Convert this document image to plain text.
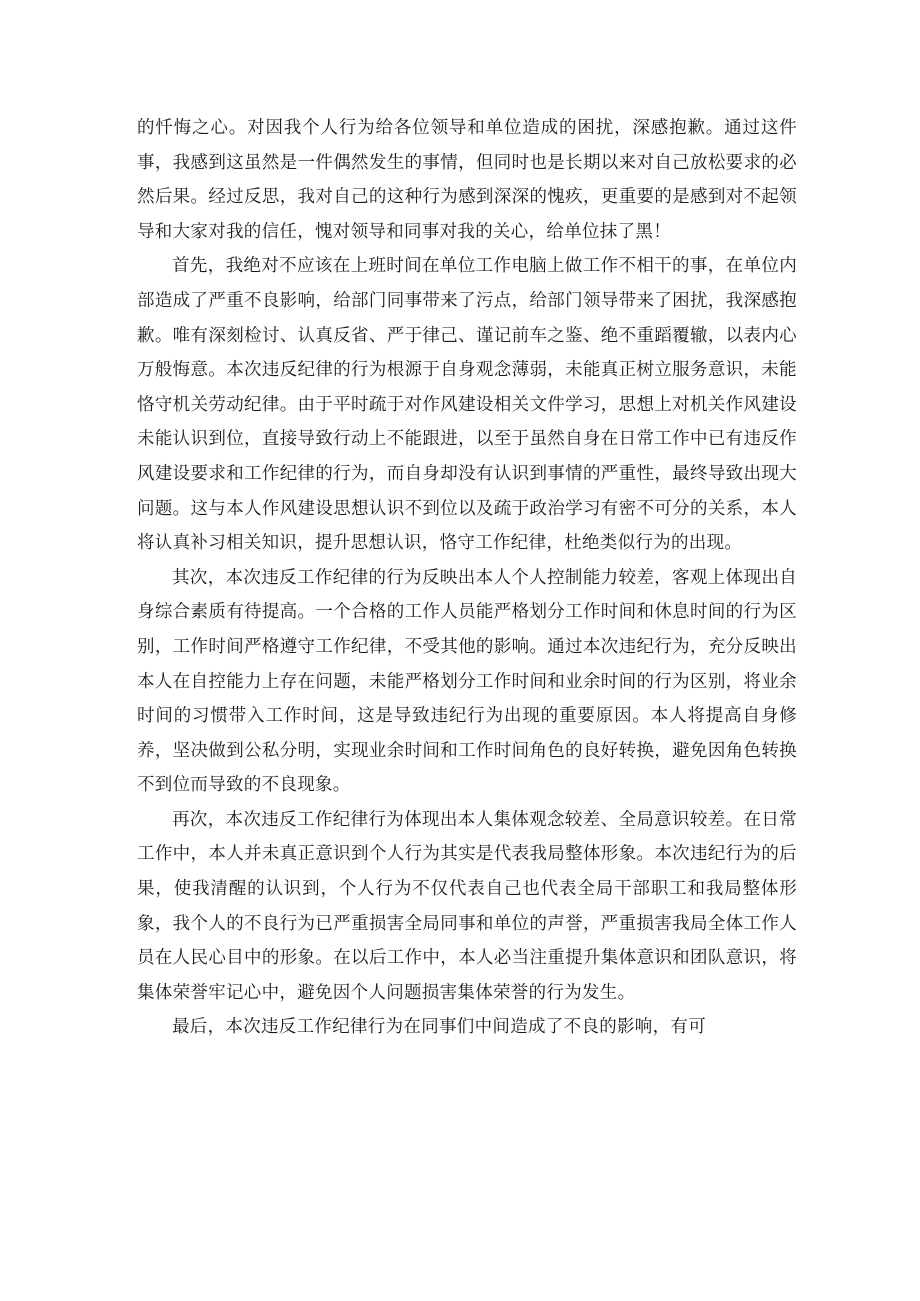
的忏悔之心。对因我个人行为给各位领导和单位造成的困扰，深感抱歉。通过这件事，我感到这虽然是一件偶然发生的事情，但同时也是长期以来对自己放松要求的必然后果。经过反思，我对自己的这种行为感到深深的愧疚，更重要的是感到对不起领导和大家对我的信任，愧对领导和同事对我的关心，给单位抹了黑！

首先，我绝对不应该在上班时间在单位工作电脑上做工作不相干的事，在单位内部造成了严重不良影响，给部门同事带来了污点，给部门领导带来了困扰，我深感抱歉。唯有深刻检讨、认真反省、严于律己、谨记前车之鉴、绝不重蹈覆辙，以表内心万般悔意。本次违反纪律的行为根源于自身观念薄弱，未能真正树立服务意识，未能恪守机关劳动纪律。由于平时疏于对作风建设相关文件学习，思想上对机关作风建设未能认识到位，直接导致行动上不能跟进，以至于虽然自身在日常工作中已有违反作风建设要求和工作纪律的行为，而自身却没有认识到事情的严重性，最终导致出现大问题。这与本人作风建设思想认识不到位以及疏于政治学习有密不可分的关系，本人将认真补习相关知识，提升思想认识，恪守工作纪律，杜绝类似行为的出现。

其次，本次违反工作纪律的行为反映出本人个人控制能力较差，客观上体现出自身综合素质有待提高。一个合格的工作人员能严格划分工作时间和休息时间的行为区别，工作时间严格遵守工作纪律，不受其他的影响。通过本次违纪行为，充分反映出本人在自控能力上存在问题，未能严格划分工作时间和业余时间的行为区别，将业余时间的习惯带入工作时间，这是导致违纪行为出现的重要原因。本人将提高自身修养，坚决做到公私分明，实现业余时间和工作时间角色的良好转换，避免因角色转换不到位而导致的不良现象。

再次，本次违反工作纪律行为体现出本人集体观念较差、全局意识较差。在日常工作中，本人并未真正意识到个人行为其实是代表我局整体形象。本次违纪行为的后果，使我清醒的认识到，个人行为不仅代表自己也代表全局干部职工和我局整体形象，我个人的不良行为已严重损害全局同事和单位的声誉，严重损害我局全体工作人员在人民心目中的形象。在以后工作中，本人必当注重提升集体意识和团队意识，将集体荣誉牢记心中，避免因个人问题损害集体荣誉的行为发生。

最后，本次违反工作纪律行为在同事们中间造成了不良的影响，有可
